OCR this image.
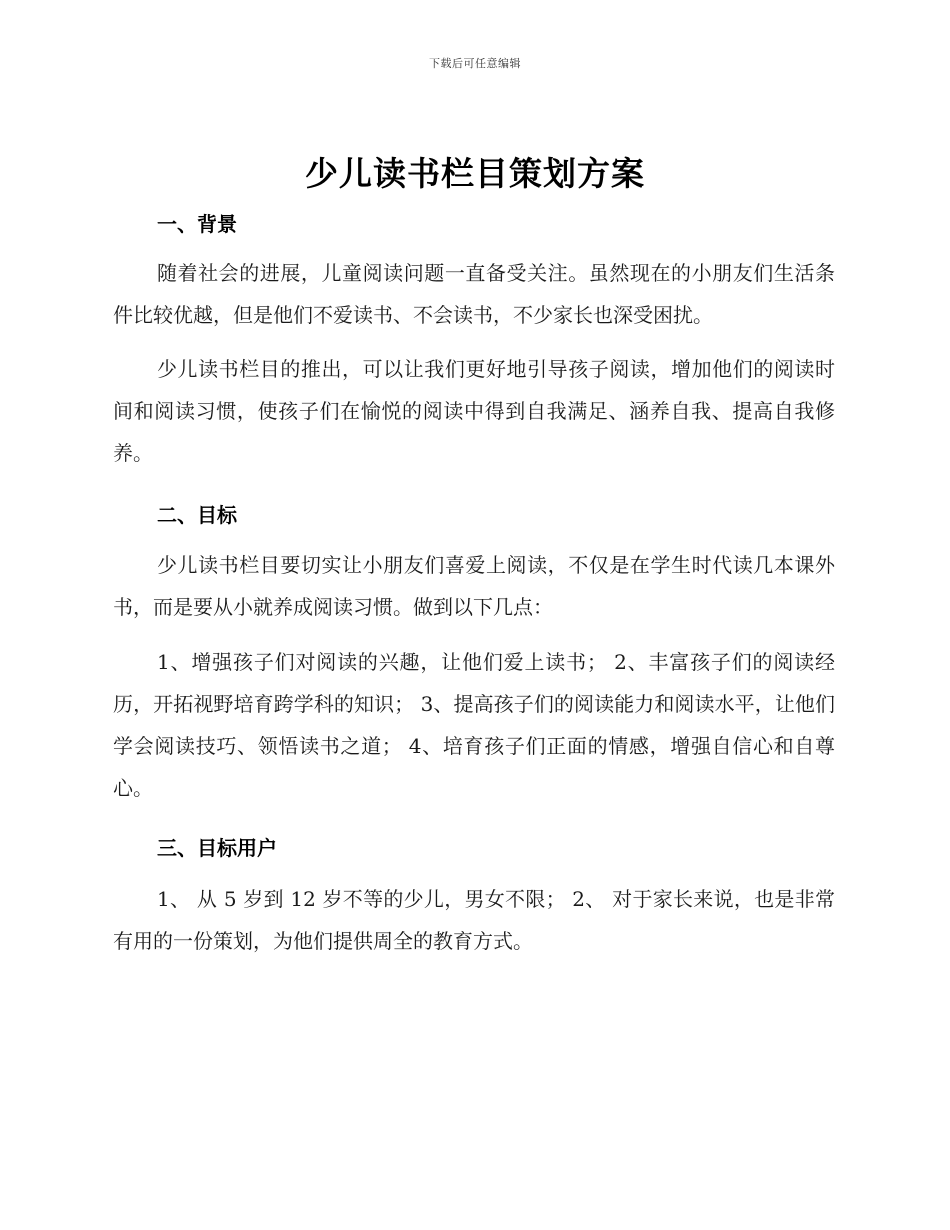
下载后可任意编辑
少儿读书栏目策划方案
一、背景

随着社会的进展，儿童阅读问题一直备受关注。虽然现在的小朋友们生活条件比较优越，但是他们不爱读书、不会读书，不少家长也深受困扰。

少儿读书栏目的推出，可以让我们更好地引导孩子阅读，增加他们的阅读时间和阅读习惯，使孩子们在愉悦的阅读中得到自我满足、涵养自我、提高自我修养。

二、目标

少儿读书栏目要切实让小朋友们喜爱上阅读，不仅是在学生时代读几本课外书，而是要从小就养成阅读习惯。做到以下几点：

1、增强孩子们对阅读的兴趣，让他们爱上读书； 2、丰富孩子们的阅读经历，开拓视野培育跨学科的知识； 3、提高孩子们的阅读能力和阅读水平，让他们学会阅读技巧、领悟读书之道； 4、培育孩子们正面的情感，增强自信心和自尊心。

三、目标用户

1、 从 5 岁到 12 岁不等的少儿，男女不限； 2、 对于家长来说，也是非常有用的一份策划，为他们提供周全的教育方式。
